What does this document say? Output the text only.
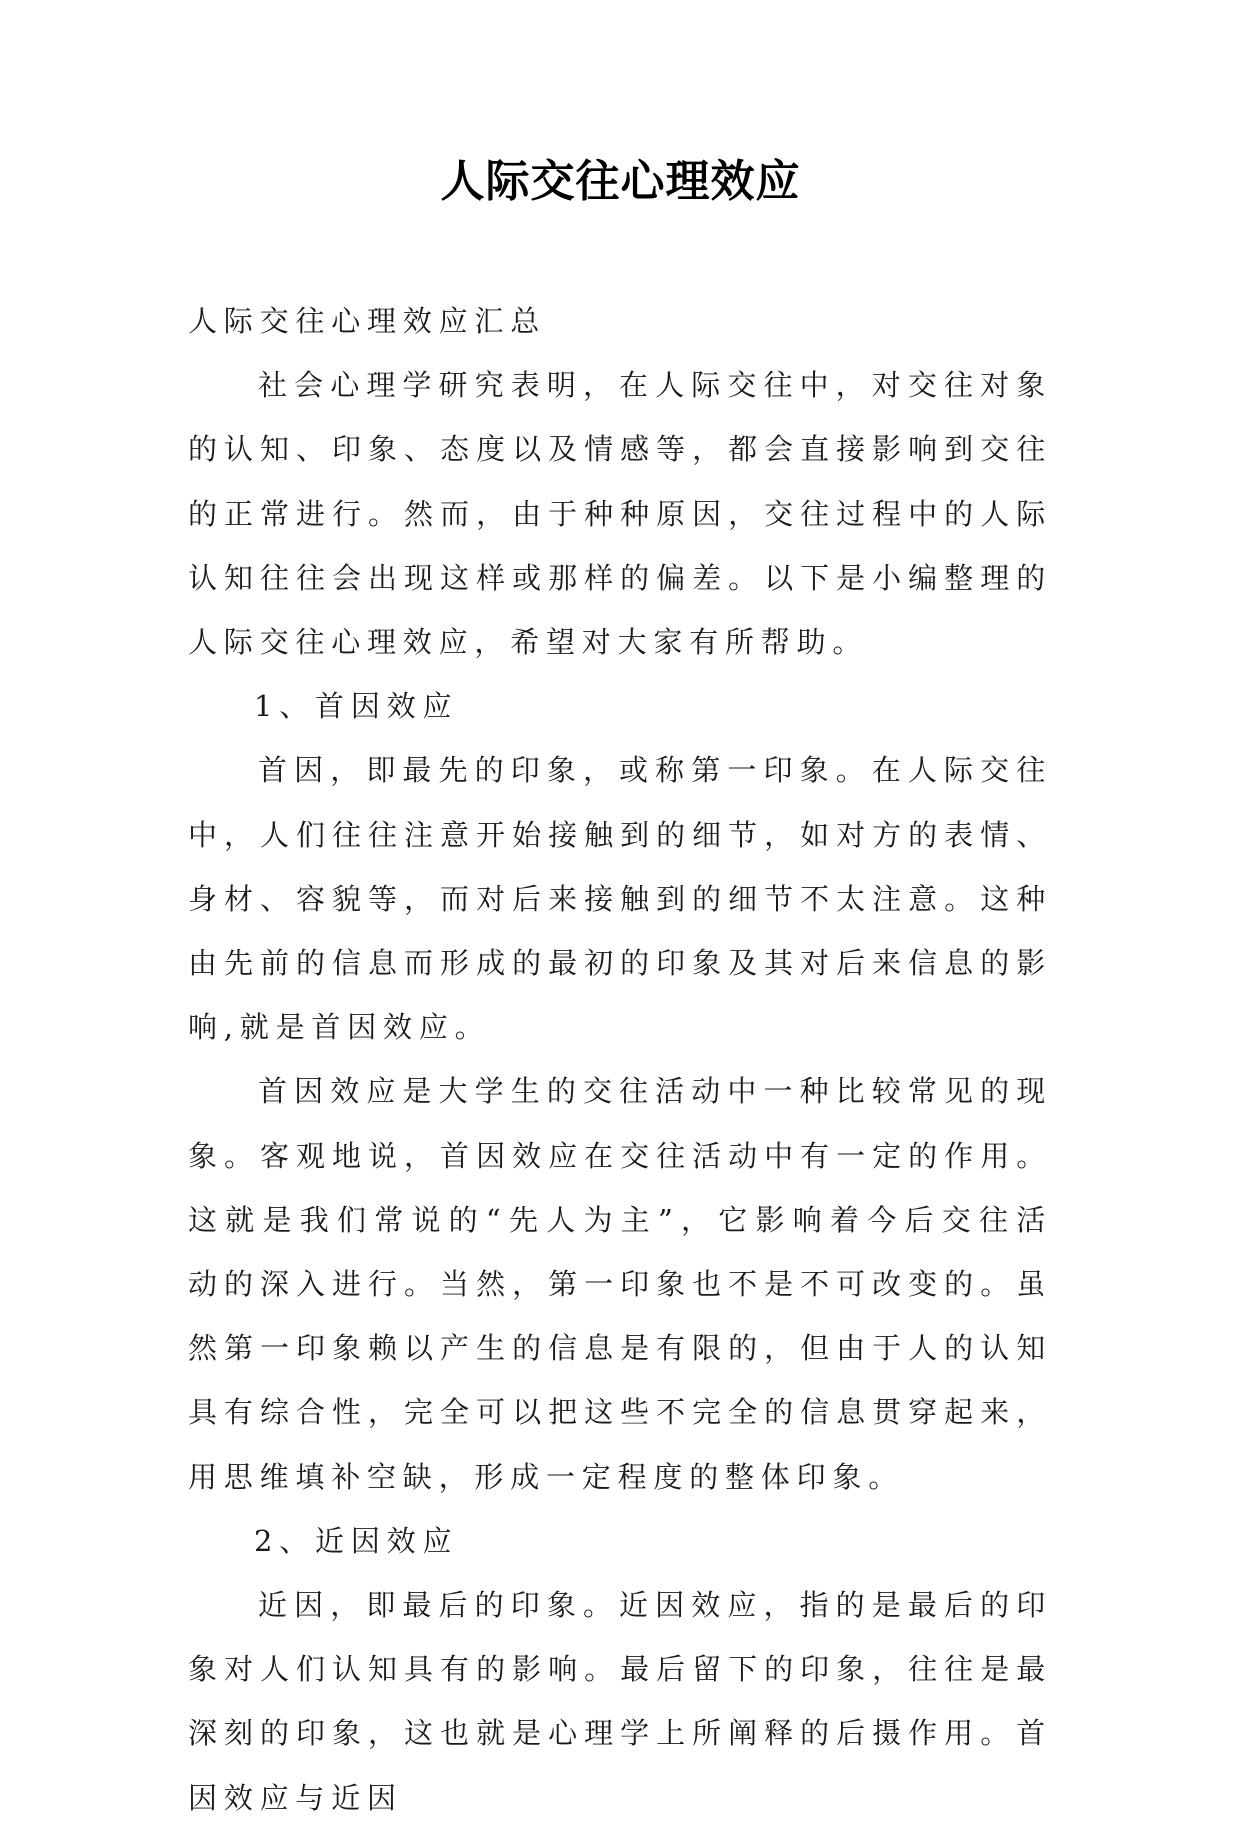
人际交往心理效应

人际交往心理效应汇总

社会心理学研究表明，在人际交往中，对交往对象的认知、印象、态度以及情感等，都会直接影响到交往的正常进行。然而，由于种种原因，交往过程中的人际认知往往会出现这样或那样的偏差。以下是小编整理的人际交往心理效应，希望对大家有所帮助。

1、首因效应

首因，即最先的印象，或称第一印象。在人际交往中，人们往往注意开始接触到的细节，如对方的表情、身材、容貌等，而对后来接触到的细节不太注意。这种由先前的信息而形成的最初的印象及其对后来信息的影响,就是首因效应。

首因效应是大学生的交往活动中一种比较常见的现象。客观地说，首因效应在交往活动中有一定的作用。这就是我们常说的“先人为主”，它影响着今后交往活动的深入进行。当然，第一印象也不是不可改变的。虽然第一印象赖以产生的信息是有限的，但由于人的认知具有综合性，完全可以把这些不完全的信息贯穿起来，用思维填补空缺，形成一定程度的整体印象。

2、近因效应

近因，即最后的印象。近因效应，指的是最后的印象对人们认知具有的影响。最后留下的印象，往往是最深刻的印象，这也就是心理学上所阐释的后摄作用。首因效应与近因
